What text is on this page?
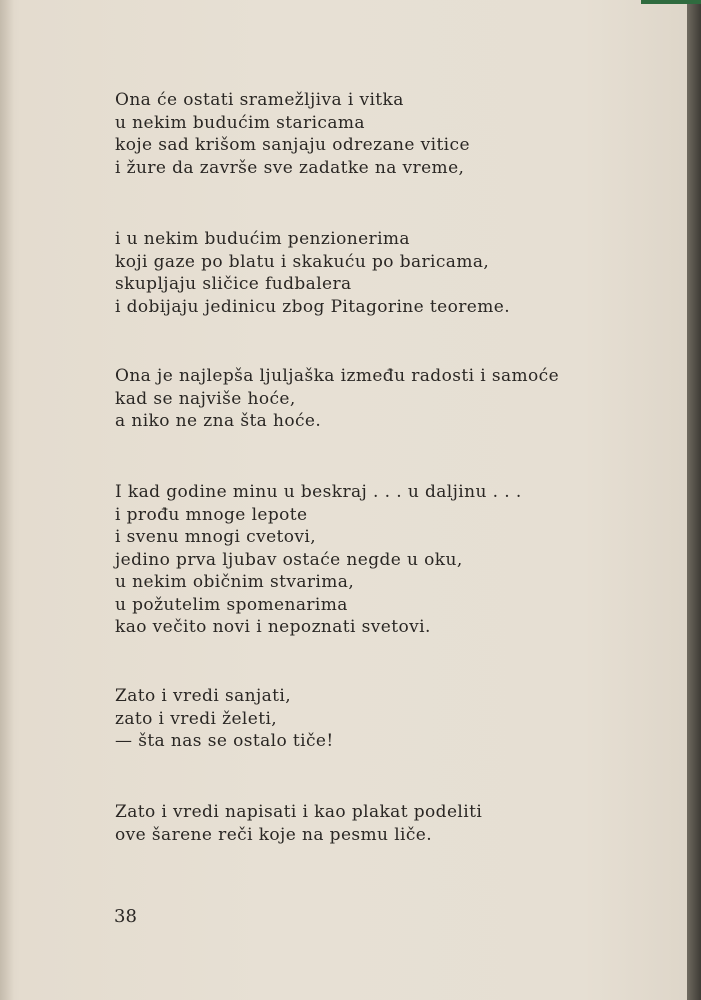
Ona će ostati sramežljiva i vitka
u nekim budućim staricama
koje sad krišom sanjaju odrezane vitice
i žure da završe sve zadatke na vreme,
i u nekim budućim penzionerima
koji gaze po blatu i skakuću po baricama,
skupljaju sličice fudbalera
i dobijaju jedinicu zbog Pitagorine teoreme.
Ona je najlepša ljuljaška između radosti i samoće
kad se najviše hoće,
a niko ne zna šta hoće.
I kad godine minu u beskraj . . . u daljinu . . .
i prođu mnoge lepote
i svenu mnogi cvetovi,
jedino prva ljubav ostaće negde u oku,
u nekim običnim stvarima,
u požutelim spomenarima
kao večito novi i nepoznati svetovi.
Zato i vredi sanjati,
zato i vredi želeti,
— šta nas se ostalo tiče!
Zato i vredi napisati i kao plakat podeliti
ove šarene reči koje na pesmu liče.
38
